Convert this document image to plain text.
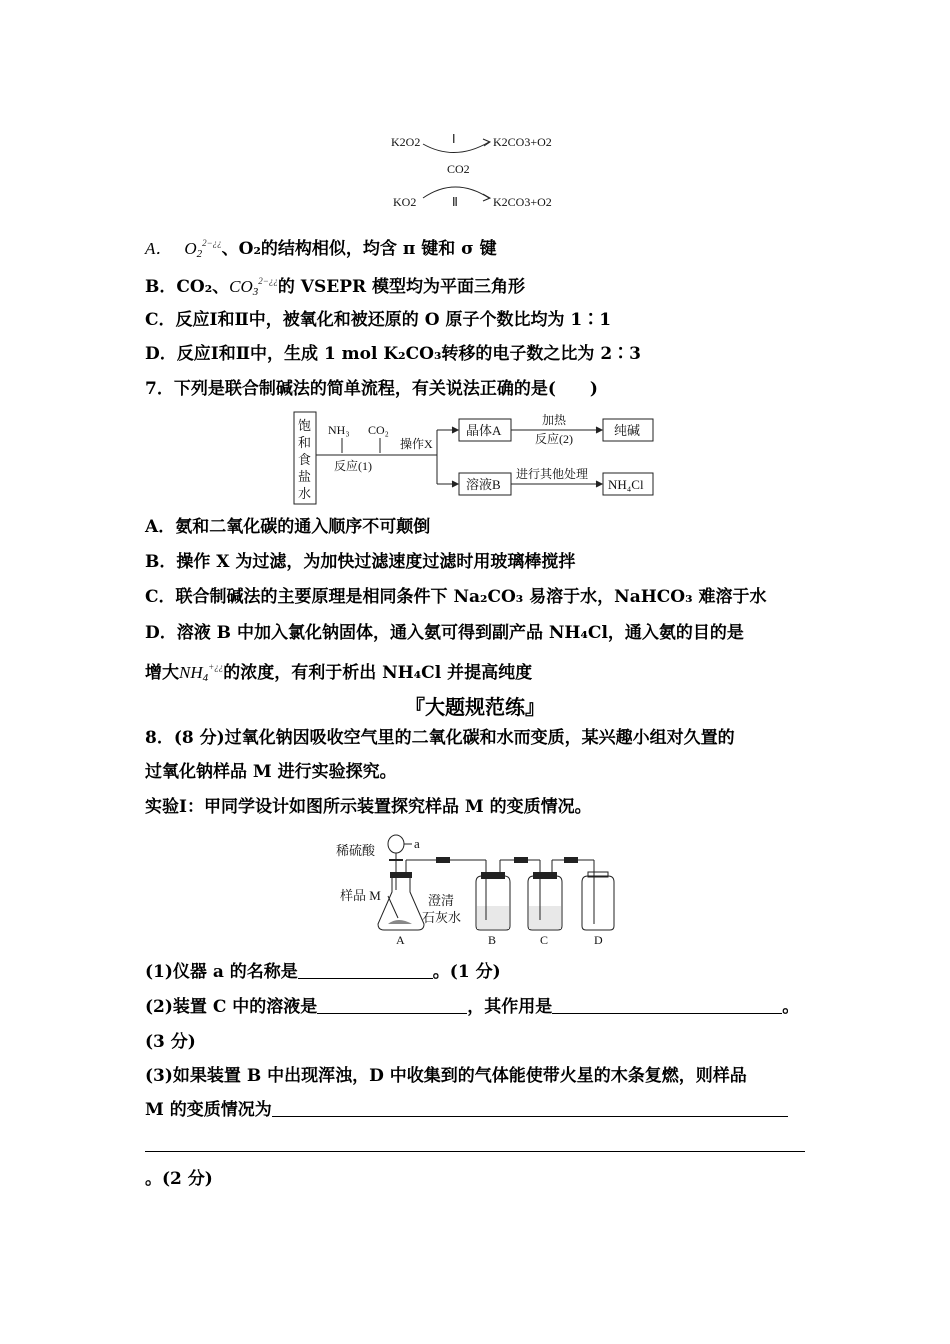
K2O2	K2CO3+O2
Ⅰ
CO2
KO2	K2CO3+O2
Ⅱ
A． $O_2^{2-¿¿}$、O₂的结构相似，均含 π 键和 σ 键
B．CO₂、$CO_3^{2-¿¿}$的 VSEPR 模型均为平面三角形
C．反应Ⅰ和Ⅱ中，被氧化和被还原的 O 原子个数比均为 1∶1
D．反应Ⅰ和Ⅱ中，生成 1 mol K₂CO₃转移的电子数之比为 2∶3
7．下列是联合制碱法的简单流程，有关说法正确的是(　　)
饱
和
食
盐
水
NH₃ CO₂
反应(1)
操作X
晶体A
加热
反应(2)
纯碱
溶液B
进行其他处理
NH₄Cl
A．氨和二氧化碳的通入顺序不可颠倒
B．操作 X 为过滤，为加快过滤速度过滤时用玻璃棒搅拌
C．联合制碱法的主要原理是相同条件下 Na₂CO₃ 易溶于水，NaHCO₃ 难溶于水
D．溶液 B 中加入氯化钠固体，通入氨可得到副产品 NH₄Cl，通入氨的目的是
增大$NH_4^{+¿¿}$的浓度，有利于析出 NH₄Cl 并提高纯度
『大题规范练』
8．(8 分)过氧化钠因吸收空气里的二氧化碳和水而变质，某兴趣小组对久置的
过氧化钠样品 M 进行实验探究。
实验Ⅰ：甲同学设计如图所示装置探究样品 M 的变质情况。
稀硫酸	a
样品 M	澄清
石灰水
A	B	C	D
(1)仪器 a 的名称是	。(1 分)
(2)装置 C 中的溶液是	，其作用是	。
(3 分)
(3)如果装置 B 中出现浑浊，D 中收集到的气体能使带火星的木条复燃，则样品
M 的变质情况为
。(2 分)
